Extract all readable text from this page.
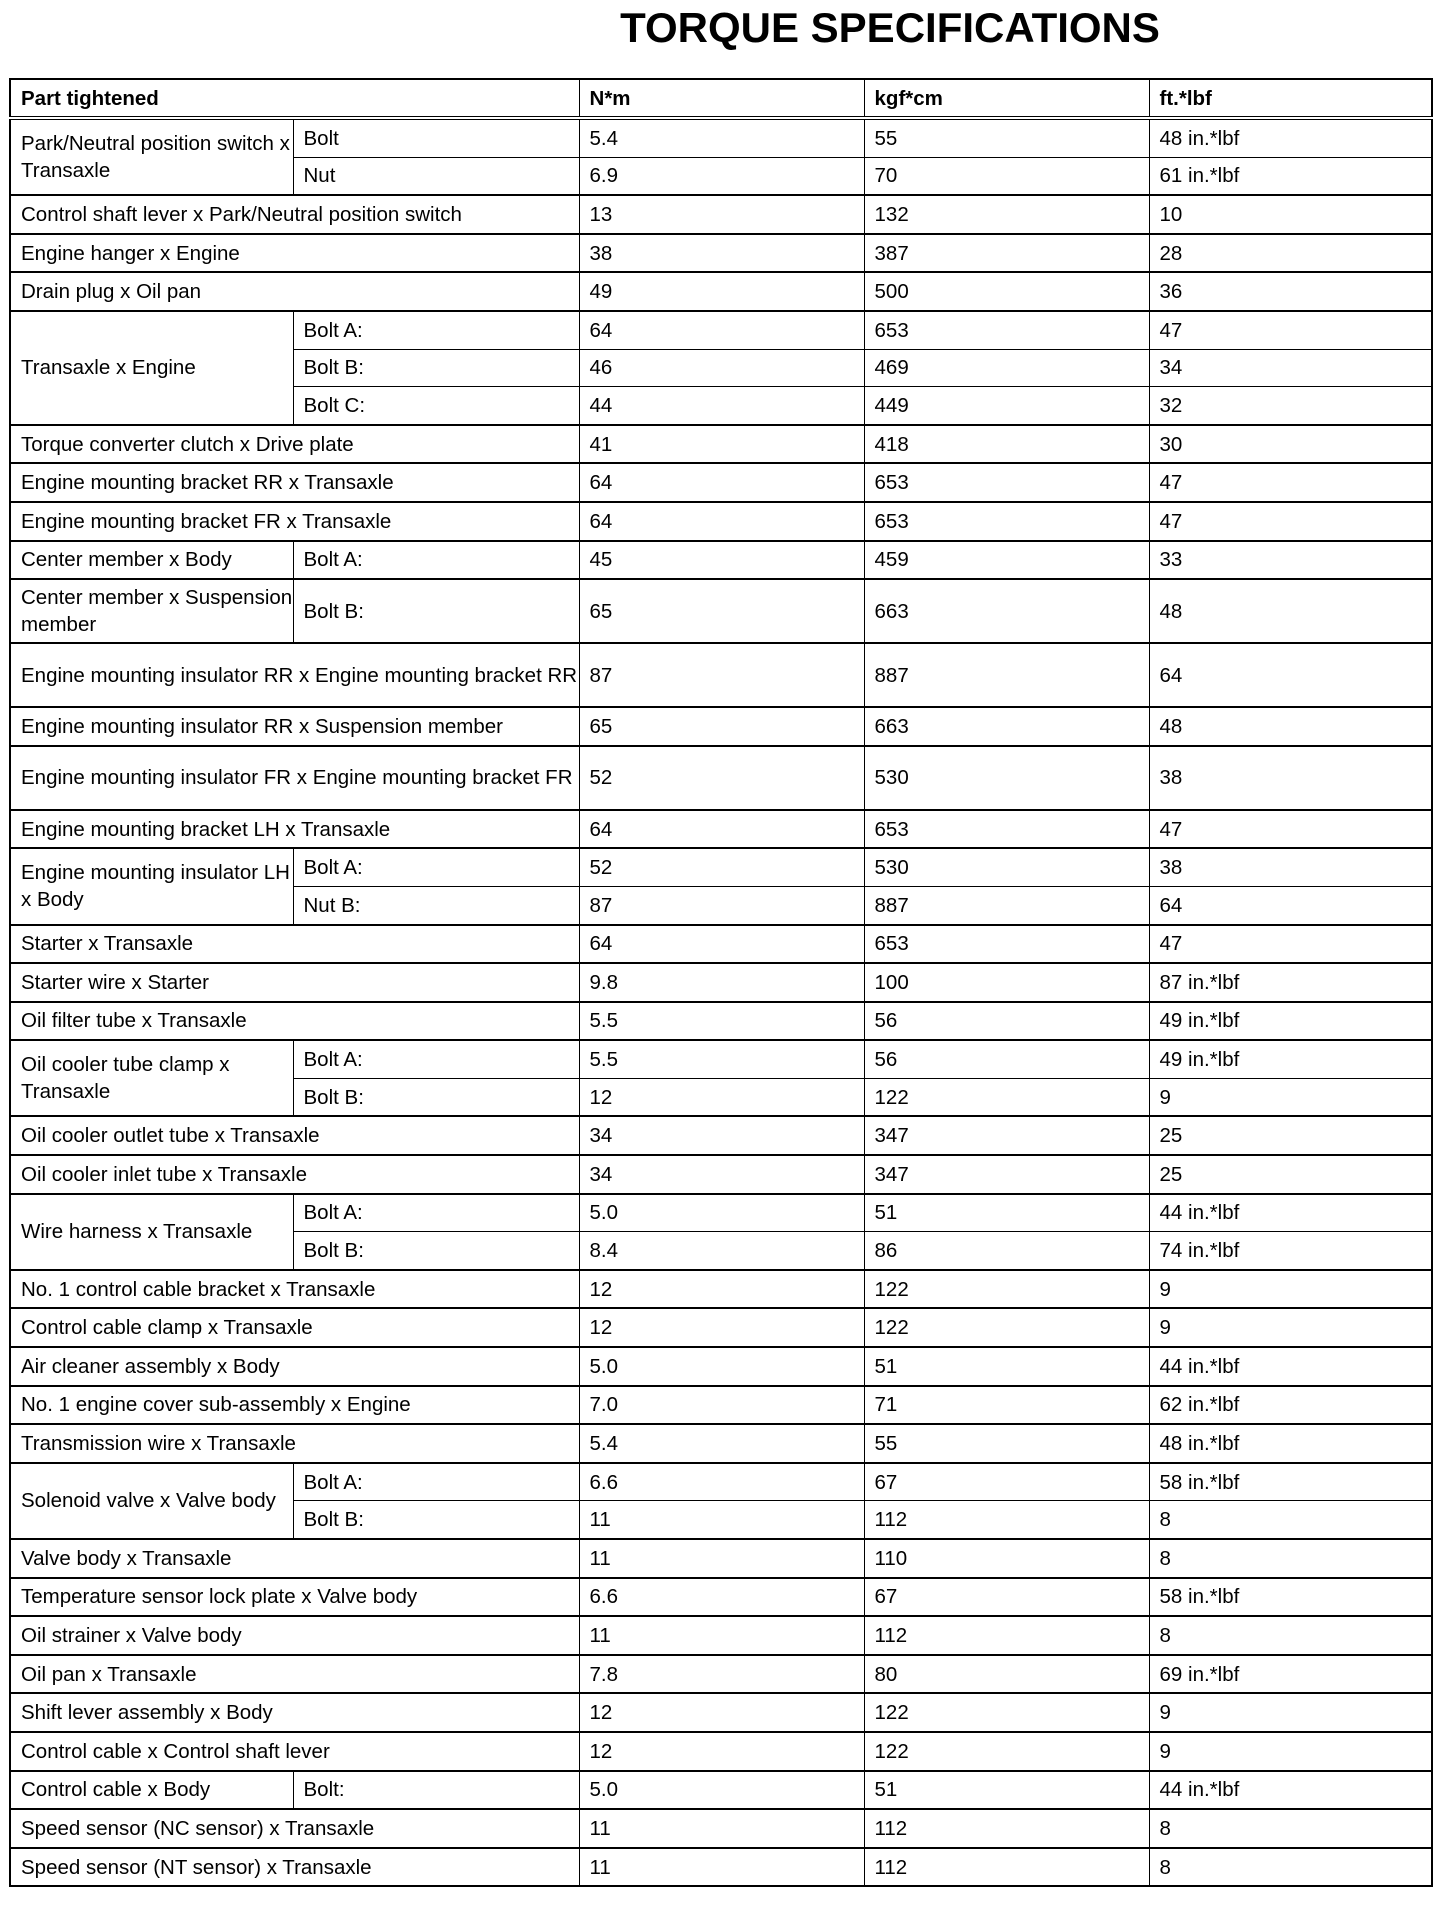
TORQUE SPECIFICATIONS
Part tightened		N*m	kgf*cm	ft.*lbf
Park/Neutral position switch x Transaxle	Bolt	5.4	55	48 in.*lbf
	Nut	6.9	70	61 in.*lbf
Control shaft lever x Park/Neutral position switch		13	132	10
Engine hanger x Engine		38	387	28
Drain plug x Oil pan		49	500	36
Transaxle x Engine	Bolt A:	64	653	47
	Bolt B:	46	469	34
	Bolt C:	44	449	32
Torque converter clutch x Drive plate		41	418	30
Engine mounting bracket RR x Transaxle		64	653	47
Engine mounting bracket FR x Transaxle		64	653	47
Center member x Body	Bolt A:	45	459	33
Center member x Suspension member	Bolt B:	65	663	48
Engine mounting insulator RR x Engine mounting bracket RR		87	887	64
Engine mounting insulator RR x Suspension member		65	663	48
Engine mounting insulator FR x Engine mounting bracket FR		52	530	38
Engine mounting bracket LH x Transaxle		64	653	47
Engine mounting insulator LH x Body	Bolt A:	52	530	38
	Nut B:	87	887	64
Starter x Transaxle		64	653	47
Starter wire x Starter		9.8	100	87 in.*lbf
Oil filter tube x Transaxle		5.5	56	49 in.*lbf
Oil cooler tube clamp x Transaxle	Bolt A:	5.5	56	49 in.*lbf
	Bolt B:	12	122	9
Oil cooler outlet tube x Transaxle		34	347	25
Oil cooler inlet tube x Transaxle		34	347	25
Wire harness x Transaxle	Bolt A:	5.0	51	44 in.*lbf
	Bolt B:	8.4	86	74 in.*lbf
No. 1 control cable bracket x Transaxle		12	122	9
Control cable clamp x Transaxle		12	122	9
Air cleaner assembly x Body		5.0	51	44 in.*lbf
No. 1 engine cover sub-assembly x Engine		7.0	71	62 in.*lbf
Transmission wire x Transaxle		5.4	55	48 in.*lbf
Solenoid valve x Valve body	Bolt A:	6.6	67	58 in.*lbf
	Bolt B:	11	112	8
Valve body x Transaxle		11	110	8
Temperature sensor lock plate x Valve body		6.6	67	58 in.*lbf
Oil strainer x Valve body		11	112	8
Oil pan x Transaxle		7.8	80	69 in.*lbf
Shift lever assembly x Body		12	122	9
Control cable x Control shaft lever		12	122	9
Control cable x Body	Bolt:	5.0	51	44 in.*lbf
Speed sensor (NC sensor) x Transaxle		11	112	8
Speed sensor (NT sensor) x Transaxle		11	112	8
